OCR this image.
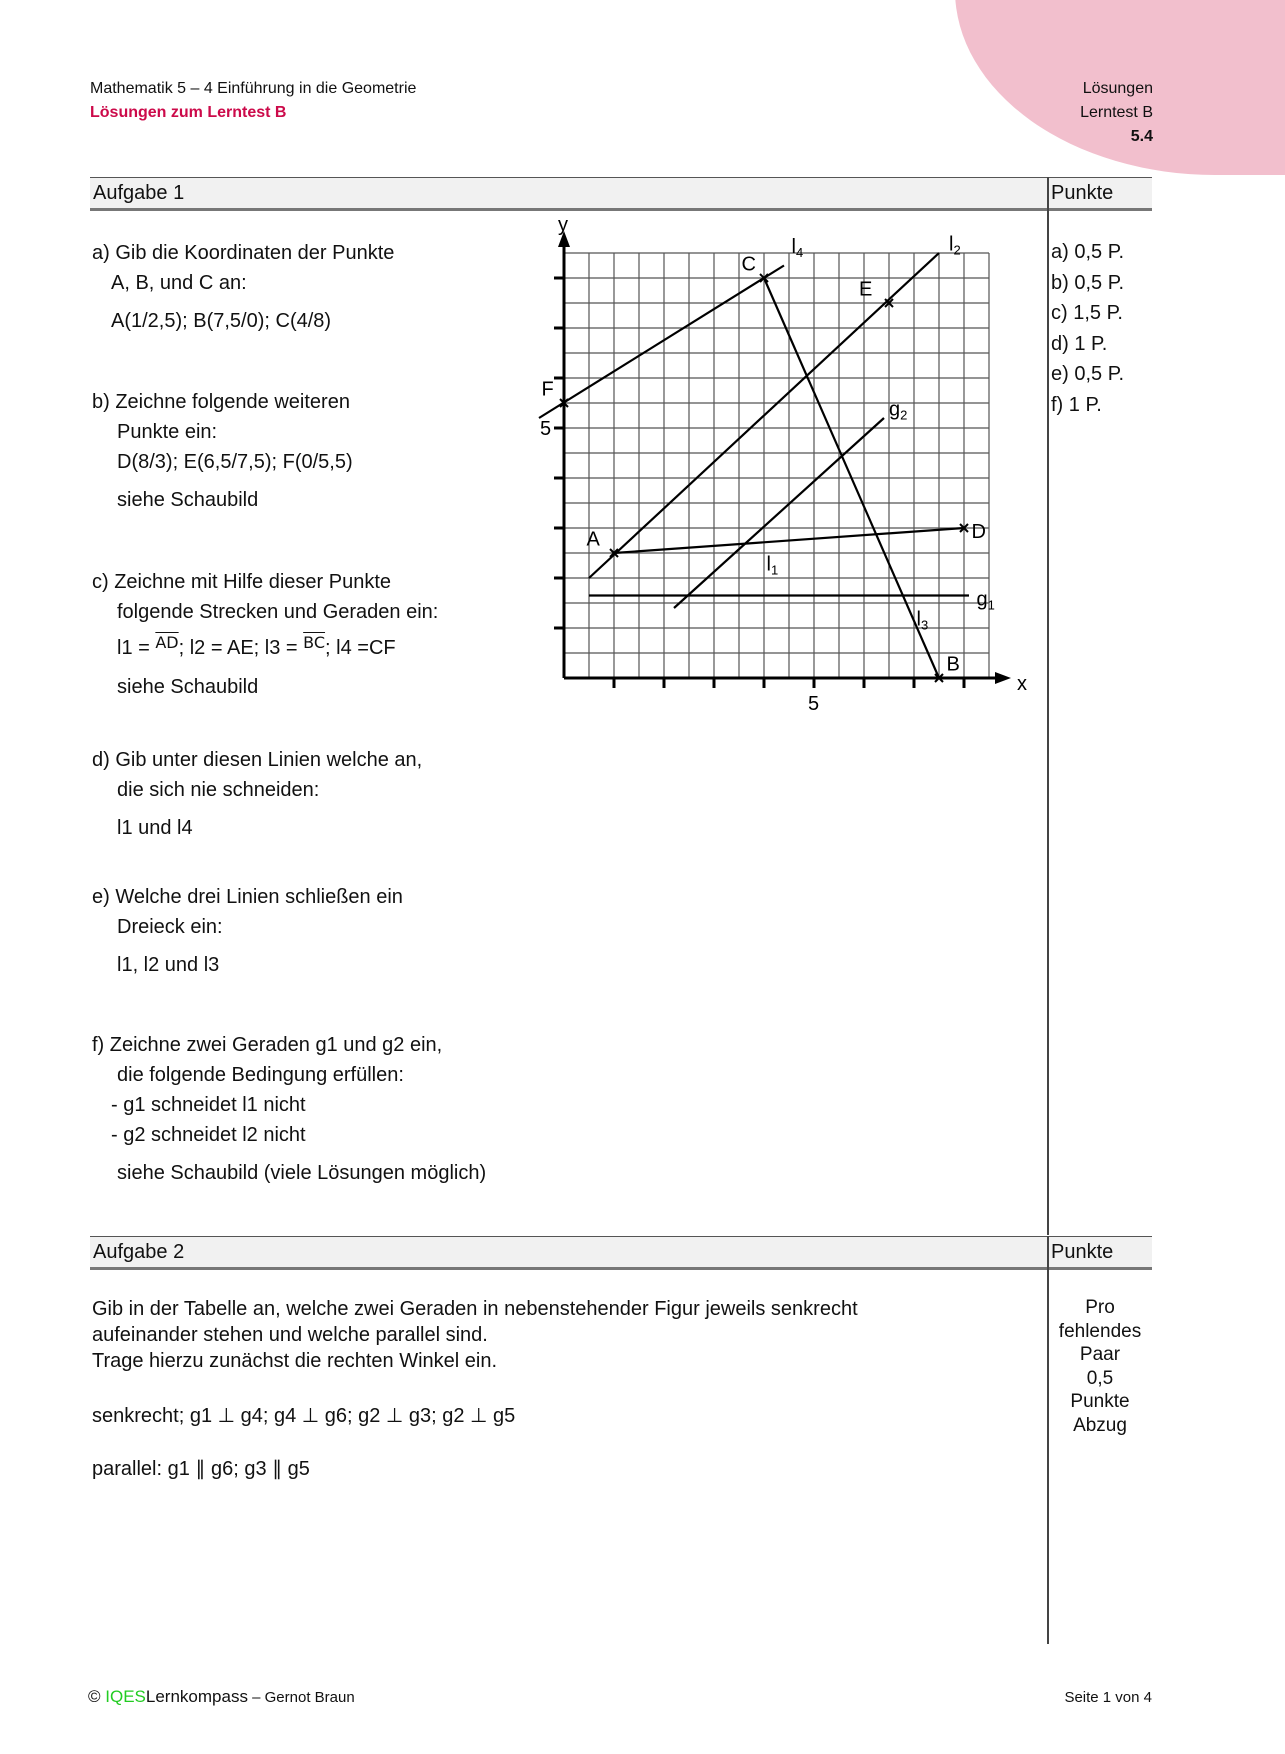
Mathematik 5 – 4 Einführung in die Geometrie
Lösungen zum Lerntest B
Lösungen
Lerntest B
5.4
Aufgabe 1	Punkte
a) Gib die Koordinaten der Punkte
A, B, und C an:
A(1/2,5); B(7,5/0); C(4/8)
b) Zeichne folgende weiteren
Punkte ein:
D(8/3); E(6,5/7,5); F(0/5,5)
siehe Schaubild
c) Zeichne mit Hilfe dieser Punkte
folgende Strecken und Geraden ein:
l1 = $^{\overline{AD}}$; l2 = AE; l3 = $^{\overline{BC}}$; l4 =CF
siehe Schaubild
d) Gib unter diesen Linien welche an,
die sich nie schneiden:
l1 und l4
e) Welche drei Linien schließen ein
Dreieck ein:
l1, l2 und l3
f) Zeichne zwei Geraden g1 und g2 ein,
die folgende Bedingung erfüllen:
- g1 schneidet l1 nicht
- g2 schneidet l2 nicht
siehe Schaubild (viele Lösungen möglich)
a) 0,5 P.
b) 0,5 P.
c) 1,5 P.
d) 1 P.
e) 0,5 P.
f) 1 P.
x
y
5
5
$l_1$
$l_2$
$l_3$
$l_4$
$g_1$
$g_2$
A
B
C
D
E
F
Aufgabe 2	Punkte
Gib in der Tabelle an, welche zwei Geraden in nebenstehender Figur jeweils senkrecht
aufeinander stehen und welche parallel sind.
Trage hierzu zunächst die rechten Winkel ein.
senkrecht; g1 ⊥ g4; g4 ⊥ g6; g2 ⊥ g3; g2 ⊥ g5
parallel: g1 ∥ g6; g3 ∥ g5
Pro
fehlendes
Paar
0,5
Punkte
Abzug
© IQESLernkompass – Gernot Braun	Seite 1 von 4
